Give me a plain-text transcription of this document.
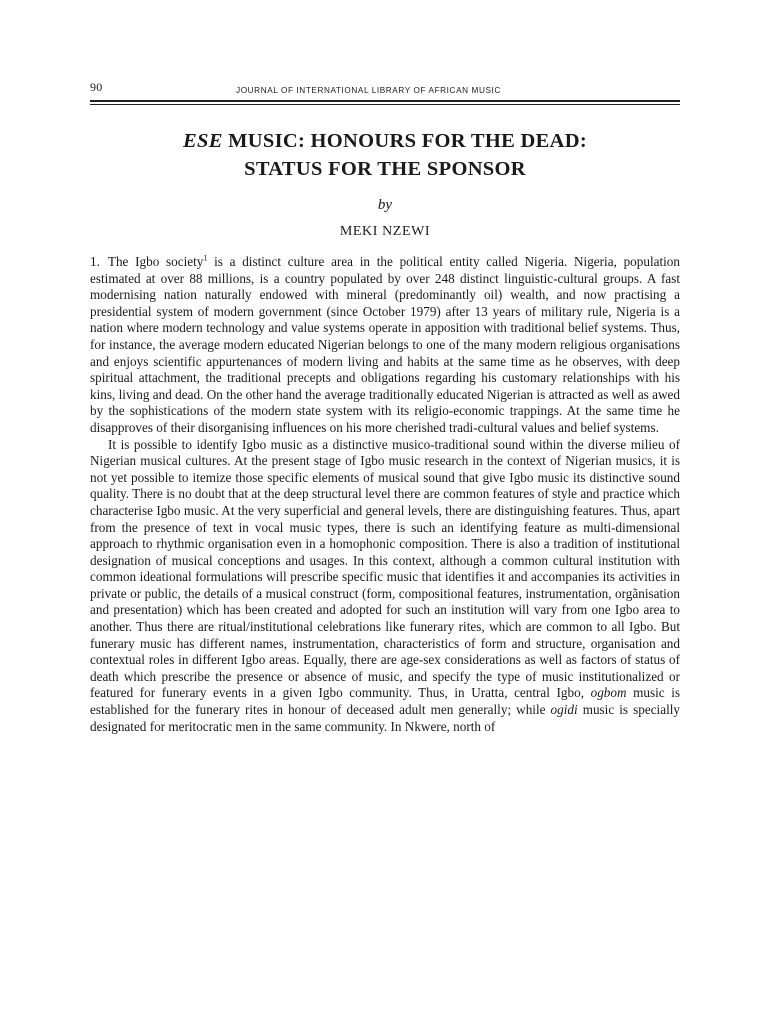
90	JOURNAL OF INTERNATIONAL LIBRARY OF AFRICAN MUSIC
ESE MUSIC: HONOURS FOR THE DEAD:
STATUS FOR THE SPONSOR
by
MEKI NZEWI

1. The Igbo society$^1$ is a distinct culture area in the political entity called Nigeria. Nigeria, population estimated at over 88 millions, is a country populated by over 248 distinct linguistic-cultural groups. A fast modernising nation naturally endowed with mineral (predominantly oil) wealth, and now practising a presidential system of modern government (since October 1979) after 13 years of military rule, Nigeria is a nation where modern technology and value systems operate in apposition with traditional belief systems. Thus, for instance, the average modern educated Nigerian belongs to one of the many modern religious organisations and enjoys scientific appurtenances of modern living and habits at the same time as he observes, with deep spiritual attachment, the traditional precepts and obligations regarding his customary relationships with his kins, living and dead. On the other hand the average traditionally educated Nigerian is attracted as well as awed by the sophistications of the modern state system with its religio-economic trappings. At the same time he disapproves of their disorganising influences on his more cherished tradi-cultural values and belief systems.

It is possible to identify Igbo music as a distinctive musico-traditional sound within the diverse milieu of Nigerian musical cultures. At the present stage of Igbo music research in the context of Nigerian musics, it is not yet possible to itemize those specific elements of musical sound that give Igbo music its distinctive sound quality. There is no doubt that at the deep structural level there are common features of style and practice which characterise Igbo music. At the very superficial and general levels, there are distinguishing features. Thus, apart from the presence of text in vocal music types, there is such an identifying feature as multi-dimensional approach to rhythmic organisation even in a homophonic composition. There is also a tradition of institutional designation of musical conceptions and usages. In this context, although a common cultural institution with common ideational formulations will prescribe specific music that identifies it and accompanies its activities in private or public, the details of a musical construct (form, compositional features, instrumentation, orgãnisation and presentation) which has been created and adopted for such an institution will vary from one Igbo area to another. Thus there are ritual/institutional celebrations like funerary rites, which are common to all Igbo. But funerary music has different names, instrumentation, characteristics of form and structure, organisation and contextual roles in different Igbo areas. Equally, there are age-sex considerations as well as factors of status of death which prescribe the presence or absence of music, and specify the type of music institutionalized or featured for funerary events in a given Igbo community. Thus, in Uratta, central Igbo, ogbom music is established for the funerary rites in honour of deceased adult men generally; while ogidi music is specially designated for meritocratic men in the same community. In Nkwere, north of
